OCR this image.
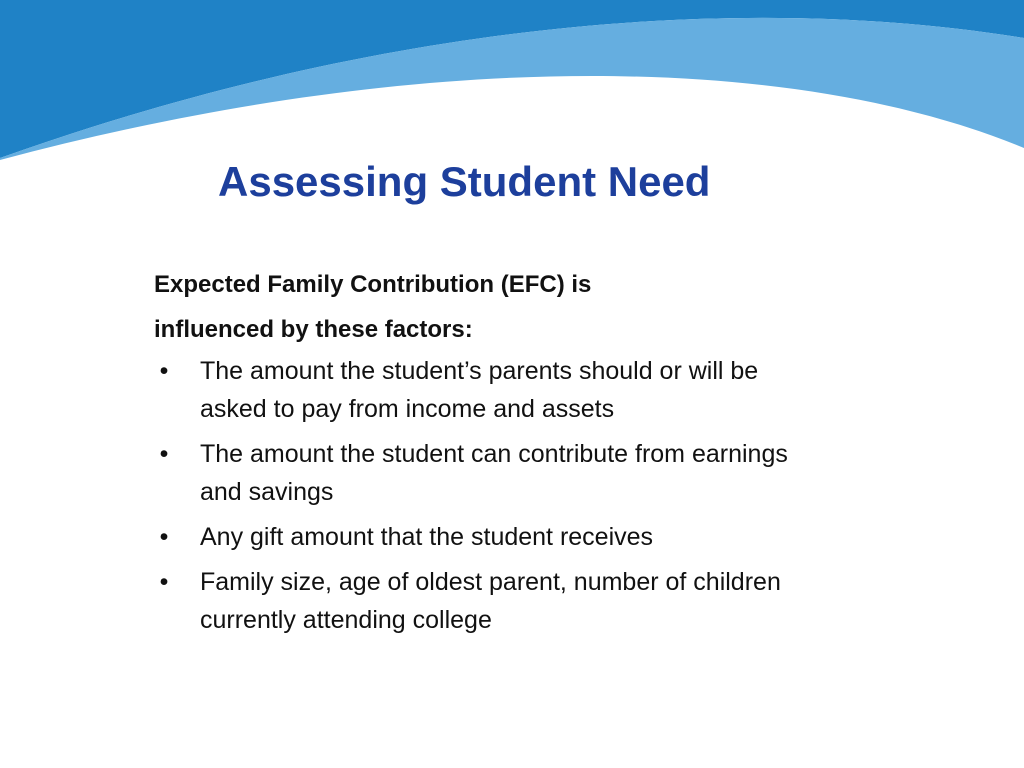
Assessing Student Need

Expected Family Contribution (EFC) is

influenced by these factors:

• The amount the student’s parents should or will be
asked to pay from income and assets
• The amount the student can contribute from earnings
and savings
• Any gift amount that the student receives
• Family size, age of oldest parent, number of children
currently attending college
